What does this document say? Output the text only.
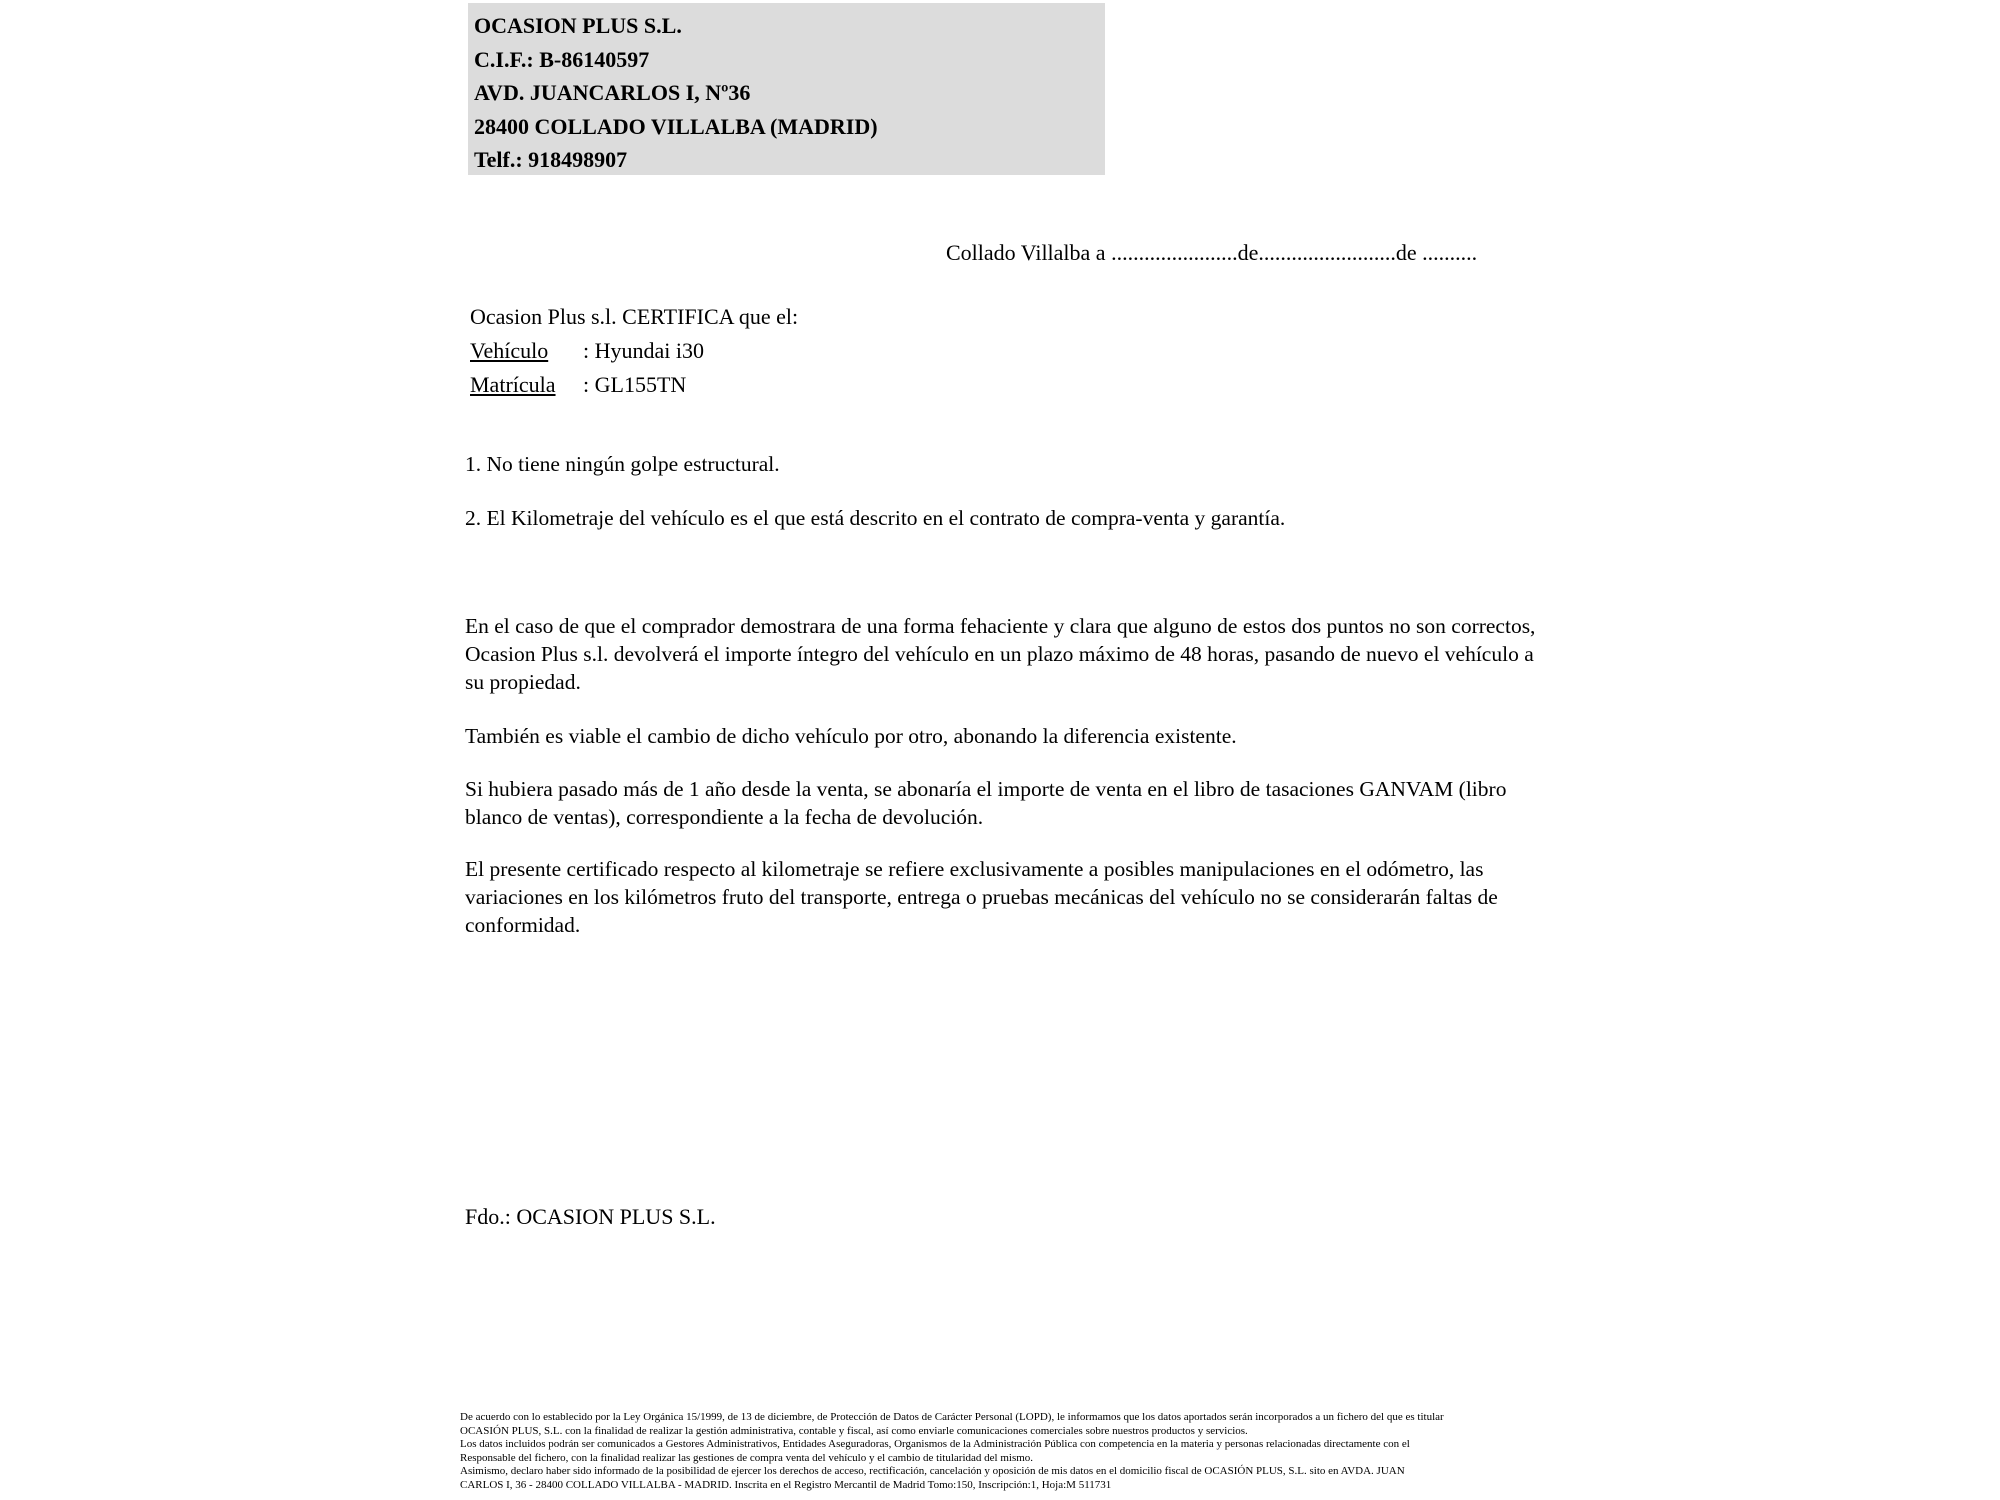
OCASION PLUS S.L.
C.I.F.: B-86140597
AVD. JUANCARLOS I, Nº36
28400 COLLADO VILLALBA (MADRID)
Telf.: 918498907
Collado Villalba a .......................de.........................de ..........
Ocasion Plus s.l. CERTIFICA que el:
Vehículo : Hyundai i30
Matrícula : GL155TN
1. No tiene ningún golpe estructural.
2. El Kilometraje del vehículo es el que está descrito en el contrato de compra-venta y garantía.
En el caso de que el comprador demostrara de una forma fehaciente y clara que alguno de estos dos puntos no son correctos, Ocasion Plus s.l. devolverá el importe íntegro del vehículo en un plazo máximo de 48 horas, pasando de nuevo el vehículo a su propiedad.
También es viable el cambio de dicho vehículo por otro, abonando la diferencia existente.
Si hubiera pasado más de 1 año desde la venta, se abonaría el importe de venta en el libro de tasaciones GANVAM (libro blanco de ventas), correspondiente a la fecha de devolución.
El presente certificado respecto al kilometraje se refiere exclusivamente a posibles manipulaciones en el odómetro, las variaciones en los kilómetros fruto del transporte, entrega o pruebas mecánicas del vehículo no se considerarán faltas de conformidad.
Fdo.: OCASION PLUS S.L.
De acuerdo con lo establecido por la Ley Orgánica 15/1999, de 13 de diciembre, de Protección de Datos de Carácter Personal (LOPD), le informamos que los datos aportados serán incorporados a un fichero del que es titular
OCASIÓN PLUS, S.L. con la finalidad de realizar la gestión administrativa, contable y fiscal, así como enviarle comunicaciones comerciales sobre nuestros productos y servicios.
Los datos incluidos podrán ser comunicados a Gestores Administrativos, Entidades Aseguradoras, Organismos de la Administración Pública con competencia en la materia y personas relacionadas directamente con el
Responsable del fichero, con la finalidad realizar las gestiones de compra venta del vehículo y el cambio de titularidad del mismo.
Asimismo, declaro haber sido informado de la posibilidad de ejercer los derechos de acceso, rectificación, cancelación y oposición de mis datos en el domicilio fiscal de OCASIÓN PLUS, S.L. sito en AVDA. JUAN
CARLOS I, 36 - 28400 COLLADO VILLALBA - MADRID. Inscrita en el Registro Mercantil de Madrid Tomo:150, Inscripción:1, Hoja:M 511731
